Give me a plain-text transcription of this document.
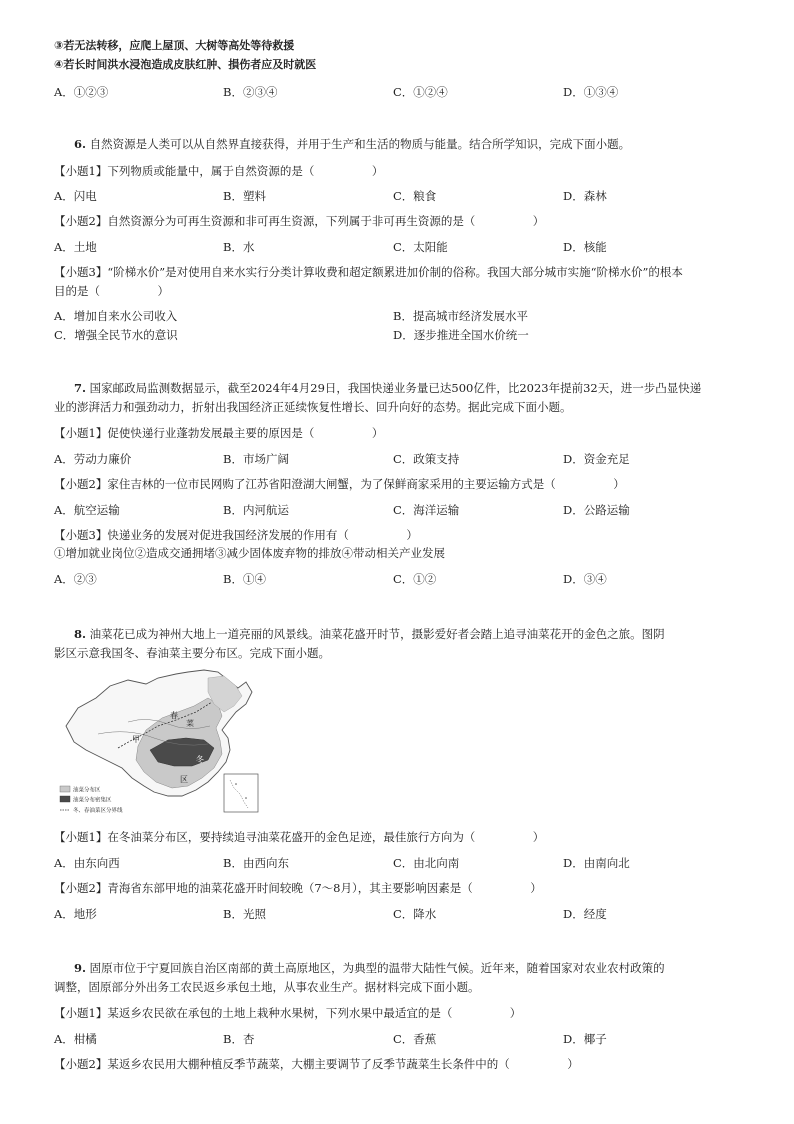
③若无法转移，应爬上屋顶、大树等高处等待救援
④若长时间洪水浸泡造成皮肤红肿、損伤者应及时就医
A．①②③	B．②③④	C．①②④	D．①③④
6. 自然资源是人类可以从自然界直接获得，并用于生产和生活的物质与能量。结合所学知识，完成下面小题。
【小题1】下列物质或能量中，属于自然资源的是（　　　　　）
A．闪电	B．塑料	C．粮食	D．森林
【小题2】自然资源分为可再生资源和非可再生资源，下列属于非可再生资源的是（　　　　　）
A．土地	B．水	C．太阳能	D．核能
【小题3】“阶梯水价”是对使用自来水实行分类计算收费和超定额累进加价制的俗称。我国大部分城市实施“阶梯水价”的根本
目的是（　　　　　）
A．增加自来水公司收入	B．提高城市经济发展水平
C．增强全民节水的意识	D．逐步推进全国水价统一
7. 国家邮政局监测数据显示，截至2024年4月29日，我国快递业务量已达500亿件，比2023年提前32天，进一步凸显快递
业的澎湃活力和强劲动力，折射出我国经济正延续恢复性增长、回升向好的态势。据此完成下面小题。
【小题1】促使快递行业蓬勃发展最主要的原因是（　　　　　）
A．劳动力廉价	B．市场广阔	C．政策支持	D．资金充足
【小题2】家住吉林的一位市民网购了江苏省阳澄湖大闸蟹，为了保鲜商家采用的主要运输方式是（　　　　　）
A．航空运输	B．内河航运	C．海洋运输	D．公路运输
【小题3】快递业务的发展对促进我国经济发展的作用有（　　　　　）
①增加就业岗位②造成交通拥堵③减少固体废弃物的排放④带动相关产业发展
A．②③	B．①④	C．①②	D．③④
8. 油菜花已成为神州大地上一道亮丽的风景线。油菜花盛开时节，摄影爱好者会踏上追寻油菜花开的金色之旅。图阴
影区示意我国冬、春油菜主要分布区。完成下面小题。
甲
春
菜
冬
区
油菜分布区
油菜分布密集区
冬、春油菜区分界线
【小题1】在冬油菜分布区，要持续追寻油菜花盛开的金色足迹，最佳旅行方向为（　　　　　）
A．由东向西	B．由西向东	C．由北向南	D．由南向北
【小题2】青海省东部甲地的油菜花盛开时间较晚（7～8月），其主要影响因素是（　　　　　）
A．地形	B．光照	C．降水	D．经度
9. 固原市位于宁夏回族自治区南部的黄土高原地区，为典型的温带大陆性气候。近年来，随着国家对农业农村政策的
调整，固原部分外出务工农民返乡承包土地，从事农业生产。据材料完成下面小题。
【小题1】某返乡农民欲在承包的土地上栽种水果树，下列水果中最适宜的是（　　　　　）
A．柑橘	B．杏	C．香蕉	D．椰子
【小题2】某返乡农民用大棚种植反季节蔬菜，大棚主要调节了反季节蔬菜生长条件中的（　　　　　）
